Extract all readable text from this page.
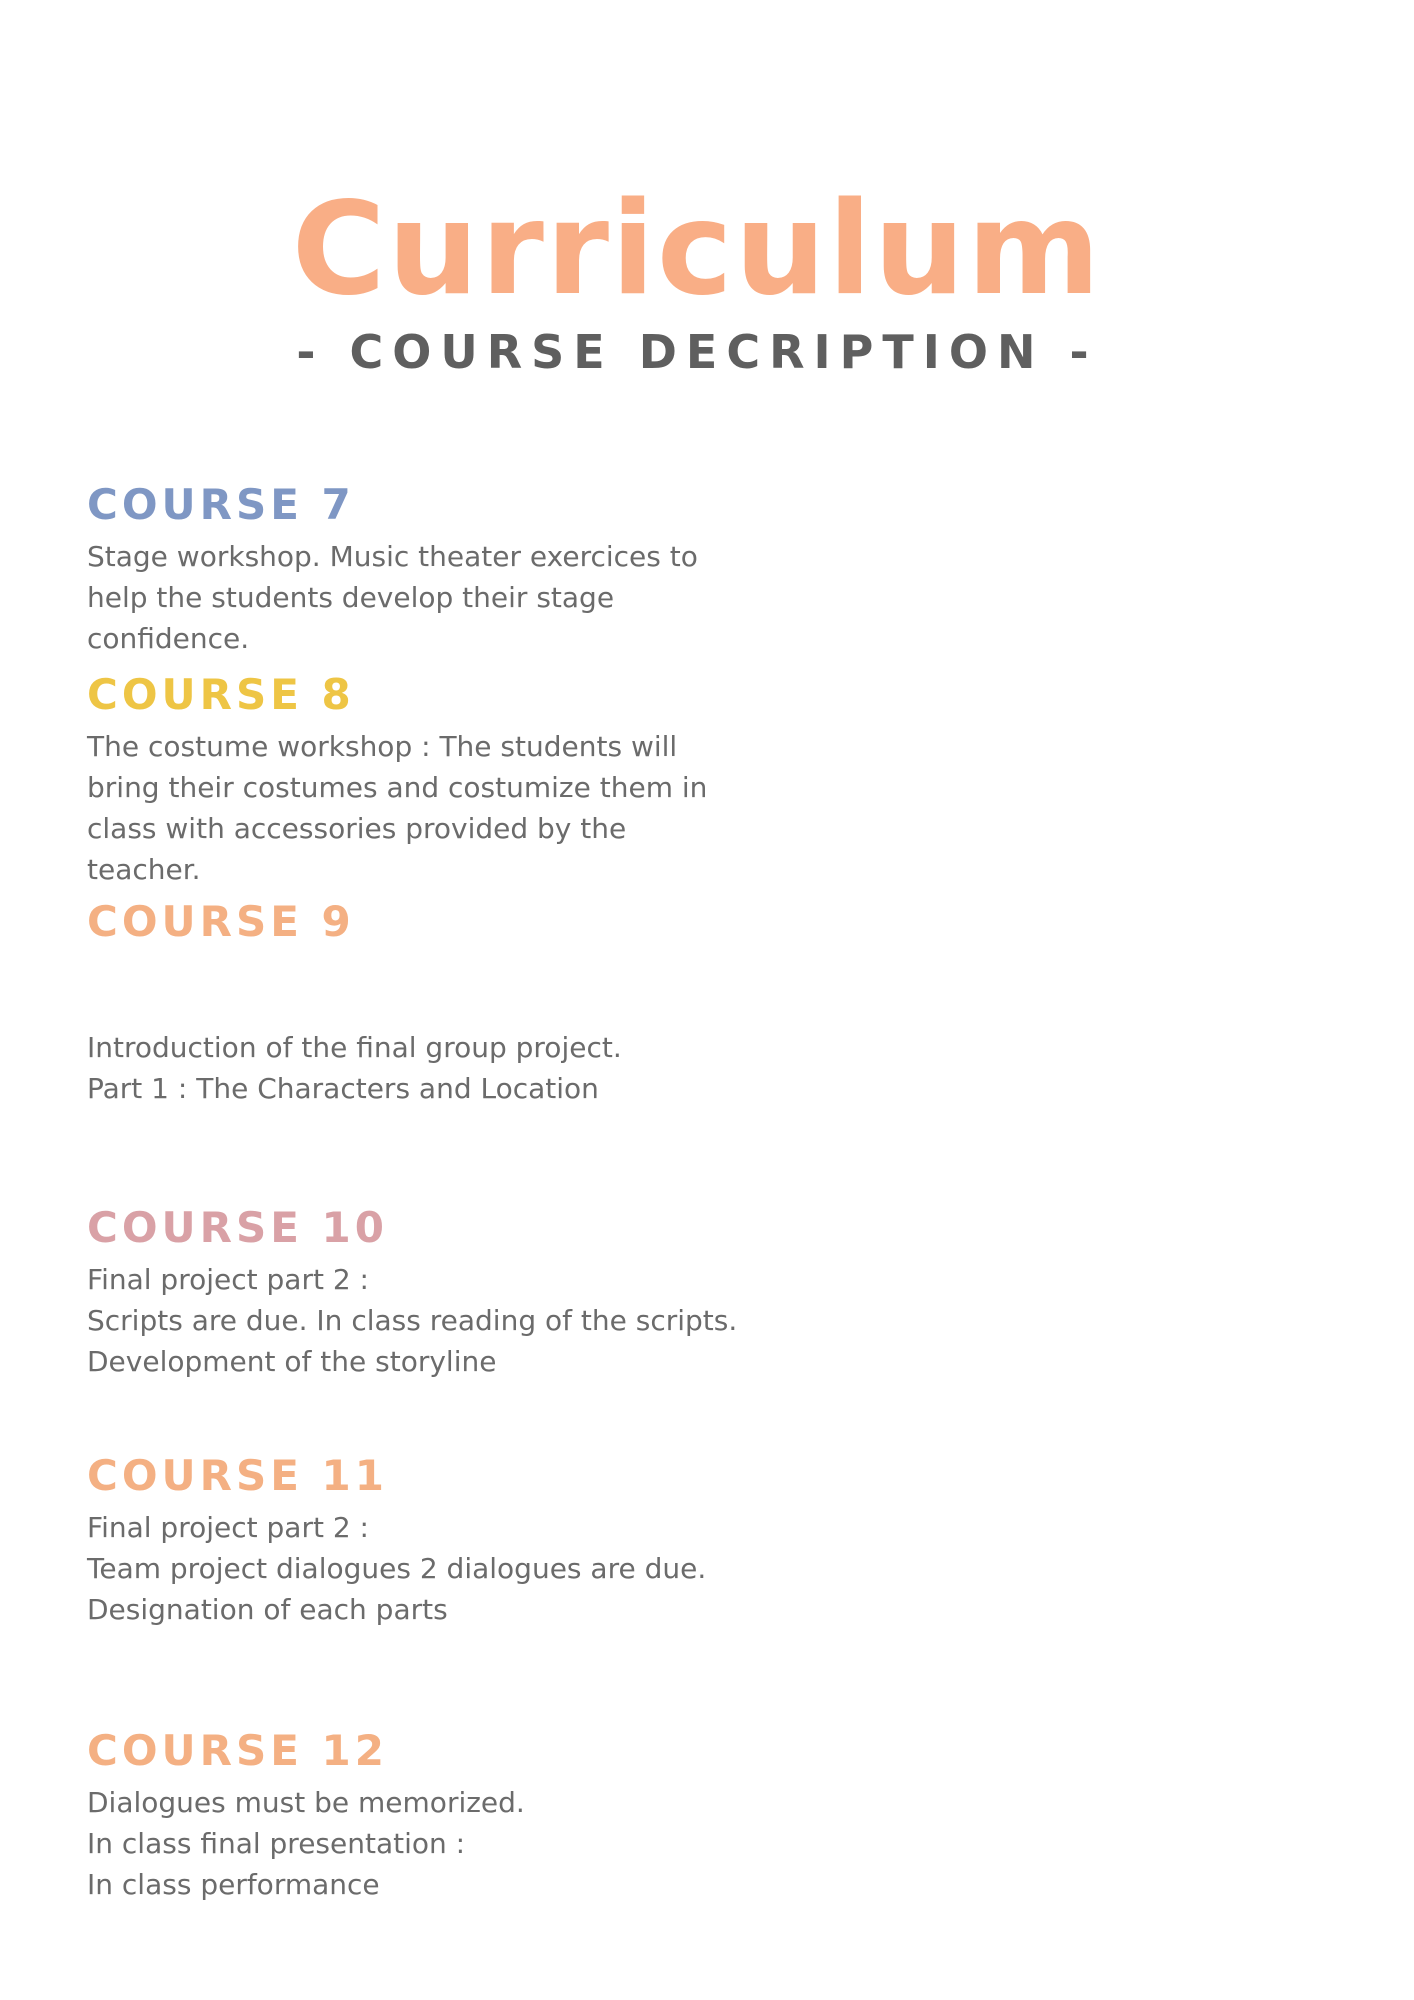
Curriculum
- COURSE DECRIPTION -
COURSE 7

Stage workshop. Music theater exercices to
help the students develop their stage
confidence.

COURSE 8

The costume workshop : The students will
bring their costumes and costumize them in
class with accessories provided by the
teacher.

COURSE 9

Introduction of the final group project.
Part 1 : The Characters and Location

COURSE 10

Final project part 2 :
Scripts are due. In class reading of the scripts.
Development of the storyline

COURSE 11

Final project part 2 :
Team project dialogues 2 dialogues are due.
Designation of each parts

COURSE 12

Dialogues must be memorized.
In class final presentation :
In class performance
